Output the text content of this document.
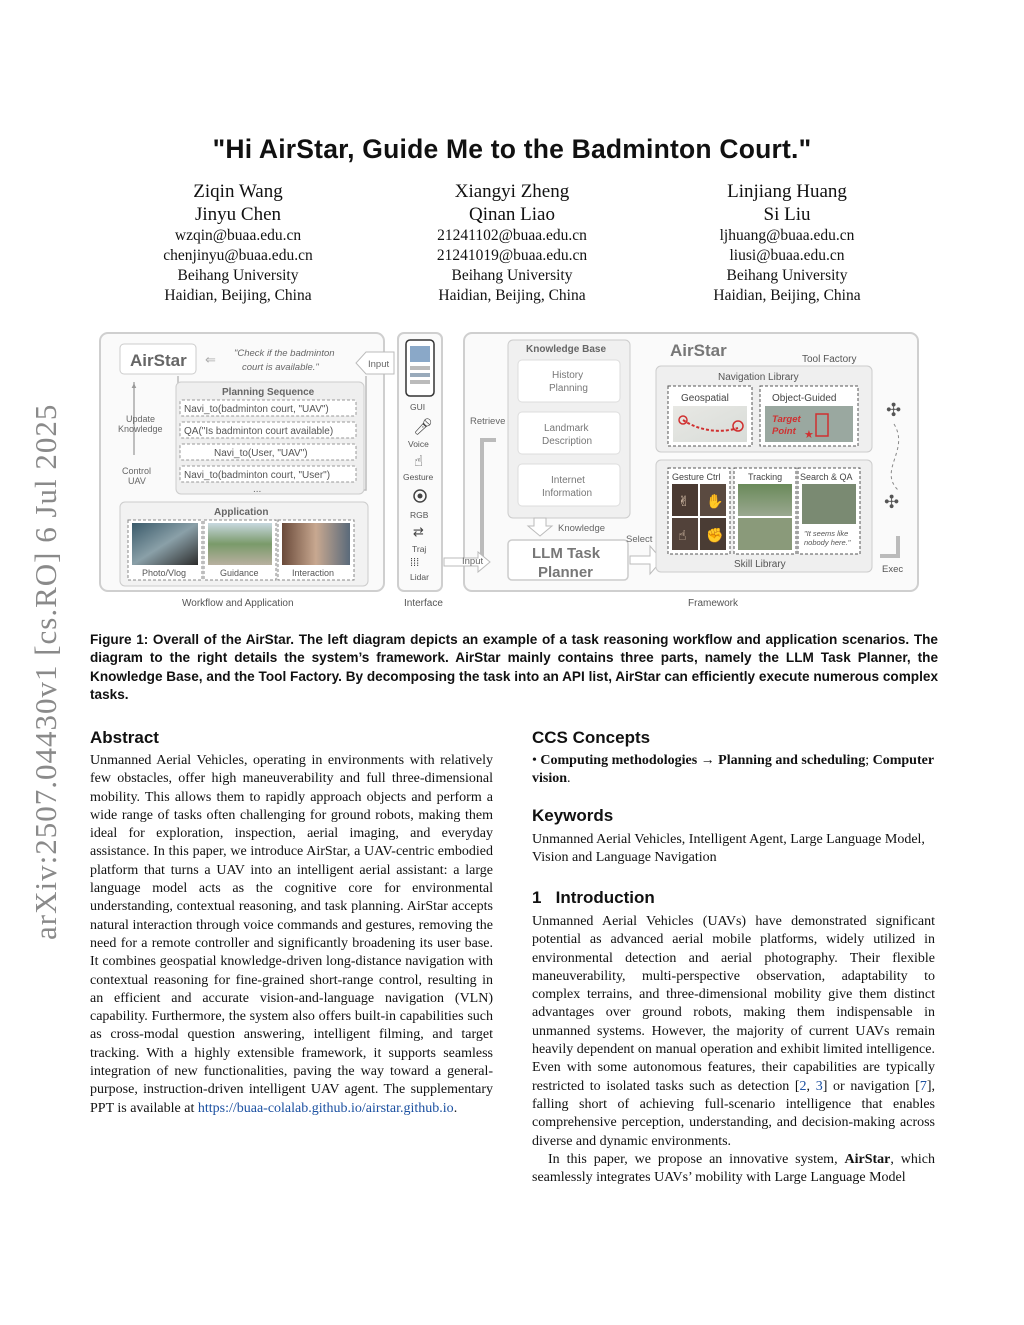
arXiv:2507.04430v1 [cs.RO] 6 Jul 2025
"Hi AirStar, Guide Me to the Badminton Court."
Ziqin Wang
Jinyu Chen
wzqin@buaa.edu.cn
chenjinyu@buaa.edu.cn
Beihang University
Haidian, Beijing, China
Xiangyi Zheng
Qinan Liao
21241102@buaa.edu.cn
21241019@buaa.edu.cn
Beihang University
Haidian, Beijing, China
Linjiang Huang
Si Liu
ljhuang@buaa.edu.cn
liusi@buaa.edu.cn
Beihang University
Haidian, Beijing, China
AirStar ⇐ "Check if the badminton
court is available."	Input
▲
Update
Knowledge
Control
UAV
Planning Sequence
Navi_to(badminton court, "UAV")
QA("Is badminton court available)
Navi_to(User, "UAV")
Navi_to(badminton court, "User")
...
Application
Photo/Vlog	Guidance	Interaction
Workflow and Application
GUI
🎤︎
Voice
☝
Gesture
RGB
⇄
Traj
⁞⁞⁞
Lidar
Interface
Knowledge Base
History
Planning
Landmark
Description
Internet
Information
Retrieve
Input
Knowledge
LLM Task
Planner
Select
AirStar	Tool Factory
Navigation Library
Geospatial	Object-Guided
Target
Point ★
Gesture Ctrl
✌ ✋
☝ ✊
Tracking Search & QA
"It seems like
nobody here."
Skill Library
✣
✣
Exec
Framework
Figure 1: Overall of the AirStar. The left diagram depicts an example of a task reasoning workflow and application scenarios. The diagram to the right details the system’s framework. AirStar mainly contains three parts, namely the LLM Task Planner, the Knowledge Base, and the Tool Factory. By decomposing the task into an API list, AirStar can efficiently execute numerous complex tasks.
Abstract
Unmanned Aerial Vehicles, operating in environments with relatively few obstacles, offer high maneuverability and full three-dimensional mobility. This allows them to rapidly approach objects and perform a wide range of tasks often challenging for ground robots, making them ideal for exploration, inspection, aerial imaging, and everyday assistance. In this paper, we introduce AirStar, a UAV-centric embodied platform that turns a UAV into an intelligent aerial assistant: a large language model acts as the cognitive core for environmental understanding, contextual reasoning, and task planning. AirStar accepts natural interaction through voice commands and gestures, removing the need for a remote controller and significantly broadening its user base. It combines geospatial knowledge-driven long-distance navigation with contextual reasoning for fine-grained short-range control, resulting in an efficient and accurate vision-and-language navigation (VLN) capability. Furthermore, the system also offers built-in capabilities such as cross-modal question answering, intelligent filming, and target tracking. With a highly extensible framework, it supports seamless integration of new functionalities, paving the way toward a general-purpose, instruction-driven intelligent UAV agent. The supplementary PPT is available at https://buaa-colalab.github.io/airstar.github.io.
CCS Concepts
• Computing methodologies → Planning and scheduling; Computer vision.
Keywords
Unmanned Aerial Vehicles, Intelligent Agent, Large Language Model, Vision and Language Navigation
1 Introduction
Unmanned Aerial Vehicles (UAVs) have demonstrated significant potential as advanced aerial mobile platforms, widely utilized in environmental detection and aerial photography. Their flexible maneuverability, multi-perspective observation, adaptability to complex terrains, and three-dimensional mobility give them distinct advantages over ground robots, making them indispensable in unmanned systems. However, the majority of current UAVs remain heavily dependent on manual operation and exhibit limited intelligence. Even with some autonomous features, their capabilities are typically restricted to isolated tasks such as detection [2, 3] or navigation [7], falling short of achieving full-scenario intelligence that enables comprehensive perception, understanding, and decision-making across diverse and dynamic environments.
In this paper, we propose an innovative system, AirStar, which seamlessly integrates UAVs’ mobility with Large Language Model
